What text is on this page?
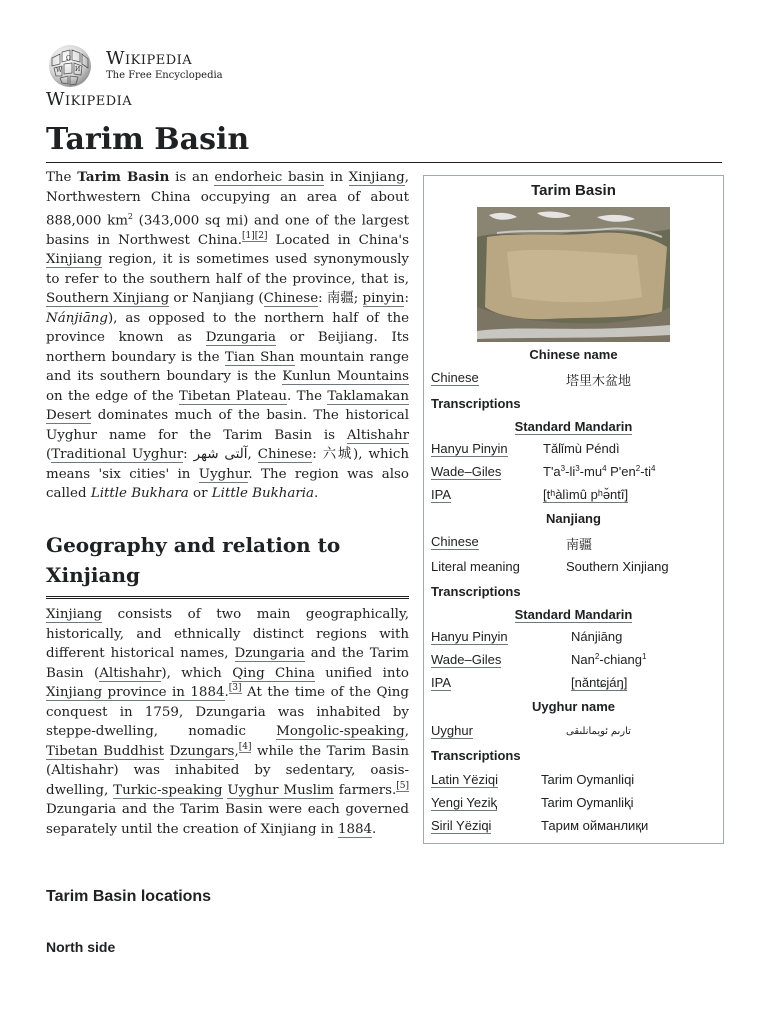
Ω
W И
Wikipedia
The Free Encyclopedia
Wikipedia
Tarim Basin

The Tarim Basin is an endorheic basin in Xinjiang, Northwestern China occupying an area of about 888,000 $km^2$ (343,000 sq mi) and one of the largest basins in Northwest China.[1][2] Located in China's Xinjiang region, it is sometimes used synonymously to refer to the southern half of the province, that is, Southern Xinjiang or Nanjiang (Chinese: 南疆; pinyin: Nánjiāng), as opposed to the northern half of the province known as Dzungaria or Beijiang. Its northern boundary is the Tian Shan mountain range and its southern boundary is the Kunlun Mountains on the edge of the Tibetan Plateau. The Taklamakan Desert dominates much of the basin. The historical Uyghur name for the Tarim Basin is Altishahr (Traditional Uyghur: آلتی شهر, Chinese: 六城), which means 'six cities' in Uyghur. The region was also called Little Bukhara or Little Bukharia.

Geography and relation to Xinjiang

Xinjiang consists of two main geographically, historically, and ethnically distinct regions with different historical names, Dzungaria and the Tarim Basin (Altishahr), which Qing China unified into Xinjiang province in 1884.[3] At the time of the Qing conquest in 1759, Dzungaria was inhabited by steppe-dwelling, nomadic Mongolic-speaking, Tibetan Buddhist Dzungars,[4] while the Tarim Basin (Altishahr) was inhabited by sedentary, oasis-dwelling, Turkic-speaking Uyghur Muslim farmers.[5] Dzungaria and the Tarim Basin were each governed separately until the creation of Xinjiang in 1884.

Tarim Basin locations
North side
Tarim Basin
Chinese name
Chinese	塔里木盆地
Transcriptions
Standard Mandarin
Hanyu Pinyin	Tǎlǐmù Péndì
Wade–Giles	$T'a^3-li^3-mu^4$ $P'en^2-ti^4$
IPA	[tʰàlìmû pʰə̌ntî]
Nanjiang
Chinese	南疆
Literal meaning	Southern Xinjiang
Transcriptions
Standard Mandarin
Hanyu Pinyin	Nánjiāng
Wade–Giles	Nan$^2$-chiang$^1$
IPA	[nǎntɕjáŋ]
Uyghur name
Uyghur	تارىم ئويمانلىقى
Transcriptions
Latin Yëziqi	Tarim Oymanliqi
Yengi Yeziⱪ	Tarim Oymanliⱪi
Siril Yëziqi	Тарим ойманлиқи
